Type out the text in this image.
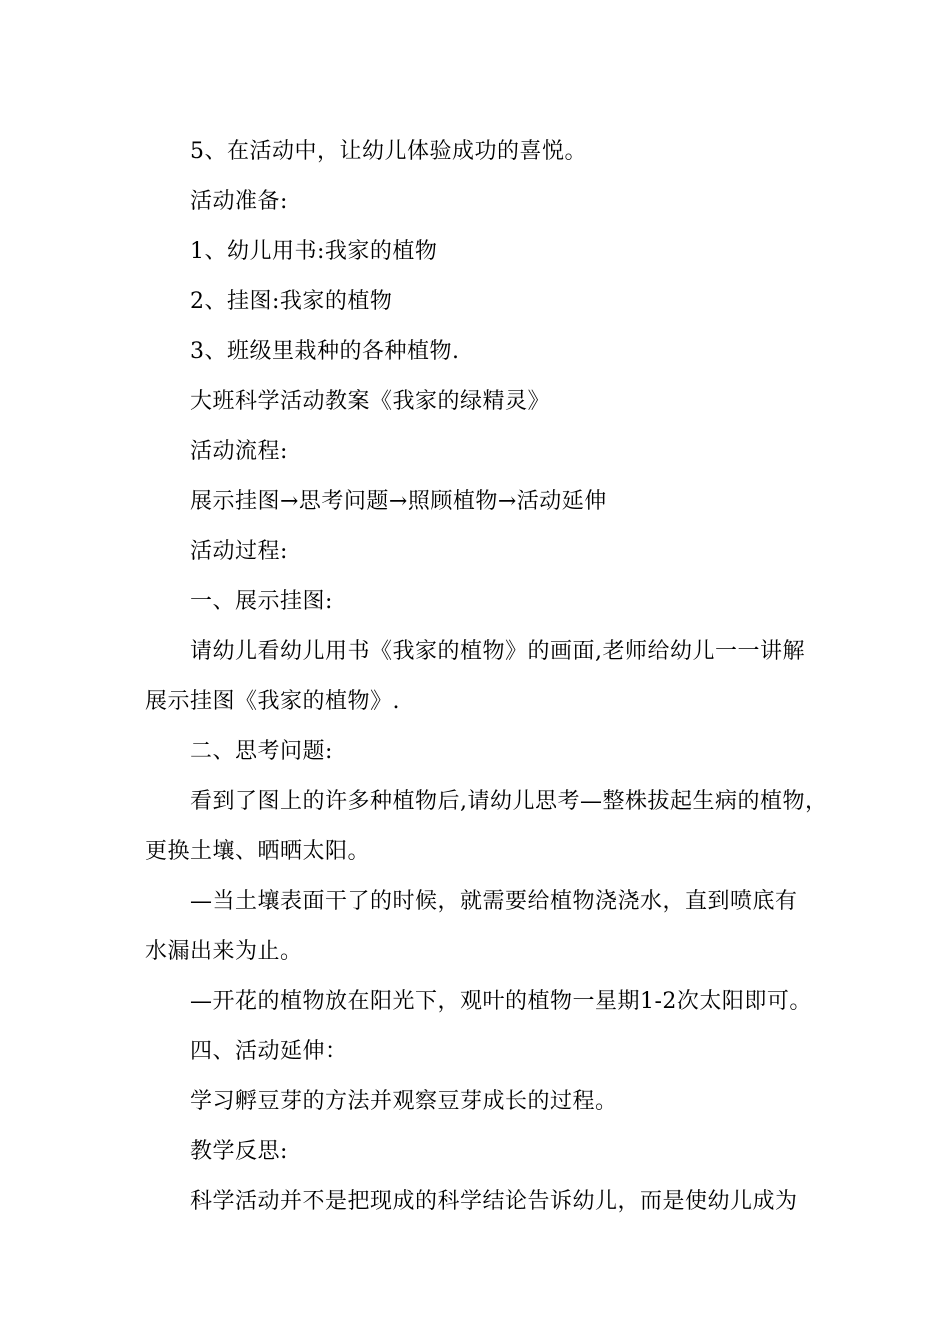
5、在活动中，让幼儿体验成功的喜悦。
活动准备:
1、幼儿用书:我家的植物
2、挂图:我家的植物
3、班级里栽种的各种植物.
大班科学活动教案《我家的绿精灵》
活动流程:
展示挂图→思考问题→照顾植物→活动延伸
活动过程:
一、展示挂图:
请幼儿看幼儿用书《我家的植物》的画面,老师给幼儿一一讲解
展示挂图《我家的植物》.
二、思考问题:
看到了图上的许多种植物后,请幼儿思考—整株拔起生病的植物，
更换土壤、晒晒太阳。
—当土壤表面干了的时候，就需要给植物浇浇水，直到喷底有
水漏出来为止。
—开花的植物放在阳光下，观叶的植物一星期1-2次太阳即可。
四、活动延伸：
学习孵豆芽的方法并观察豆芽成长的过程。
教学反思:
科学活动并不是把现成的科学结论告诉幼儿，而是使幼儿成为
